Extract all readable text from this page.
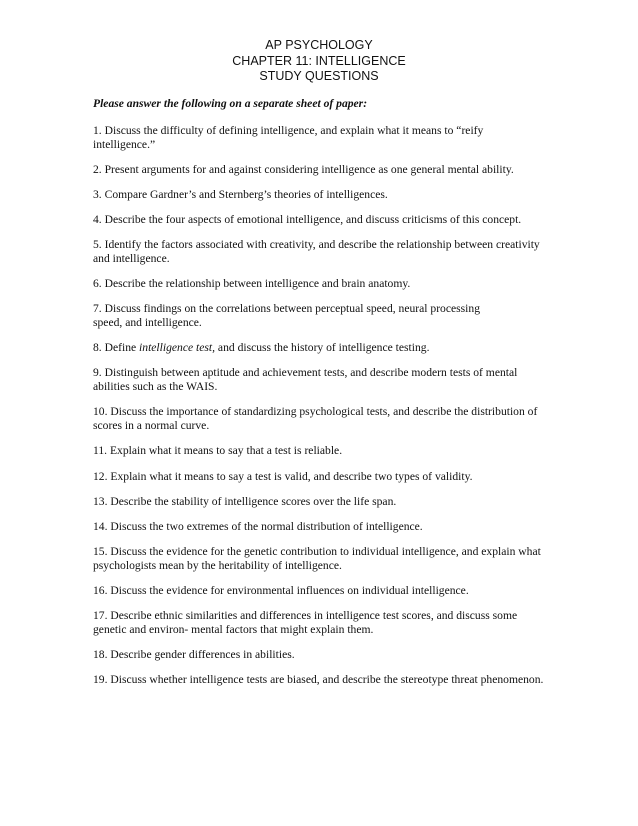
AP PSYCHOLOGY
CHAPTER 11: INTELLIGENCE
STUDY QUESTIONS
Please answer the following on a separate sheet of paper:
1. Discuss the difficulty of defining intelligence, and explain what it means to “reify
intelligence.”
2. Present arguments for and against considering intelligence as one general mental ability.
3. Compare Gardner’s and Sternberg’s theories of intelligences.
4. Describe the four aspects of emotional intelligence, and discuss criticisms of this concept.
5. Identify the factors associated with creativity, and describe the relationship between creativity
and intelligence.
6. Describe the relationship between intelligence and brain anatomy.
7. Discuss findings on the correlations between perceptual speed, neural processing
speed, and intelligence.
8. Define intelligence test, and discuss the history of intelligence testing.
9. Distinguish between aptitude and achievement tests, and describe modern tests of mental
abilities such as the WAIS.
10. Discuss the importance of standardizing psychological tests, and describe the distribution of
scores in a normal curve.
11. Explain what it means to say that a test is reliable.
12. Explain what it means to say a test is valid, and describe two types of validity.
13. Describe the stability of intelligence scores over the life span.
14. Discuss the two extremes of the normal distribution of intelligence.
15. Discuss the evidence for the genetic contribution to individual intelligence, and explain what
psychologists mean by the heritability of intelligence.
16. Discuss the evidence for environmental influences on individual intelligence.
17. Describe ethnic similarities and differences in intelligence test scores, and discuss some
genetic and environ- mental factors that might explain them.
18. Describe gender differences in abilities.
19. Discuss whether intelligence tests are biased, and describe the stereotype threat phenomenon.
